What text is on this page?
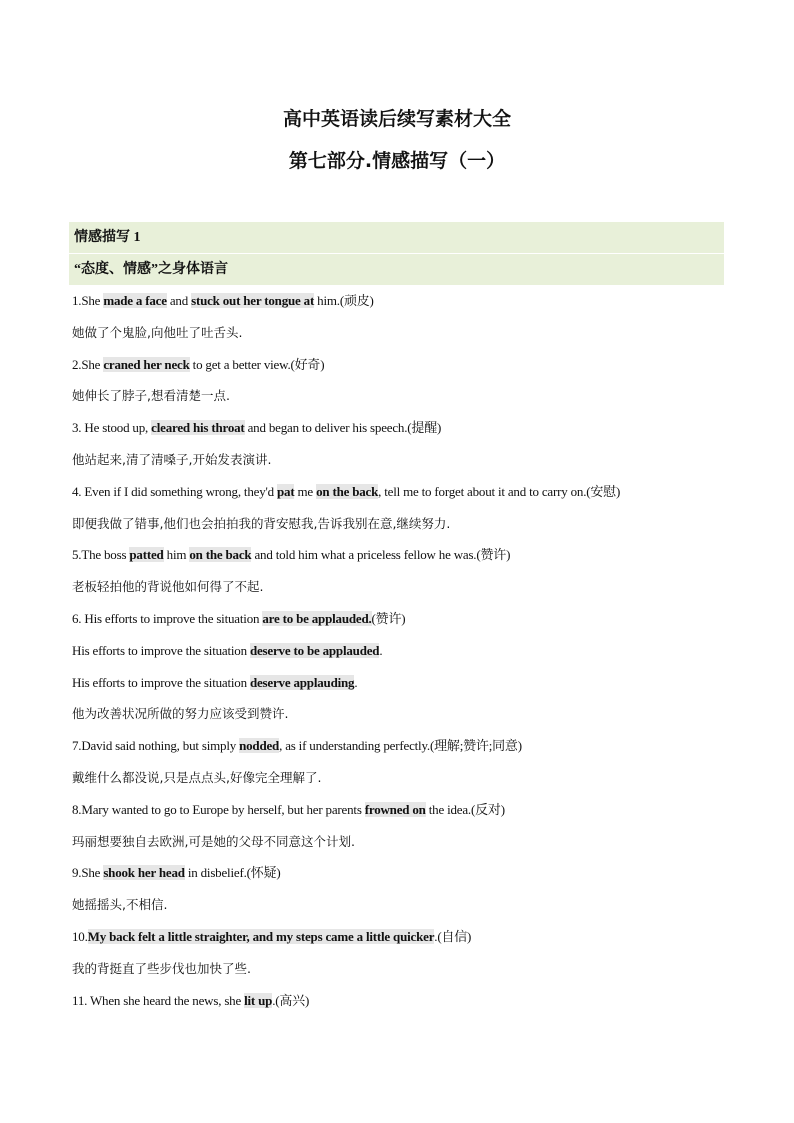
高中英语读后续写素材大全
第七部分.情感描写（一）
情感描写 1
“态度、情感”之身体语言
1.She made a face and stuck out her tongue at him.(顽皮)
她做了个鬼脸,向他吐了吐舌头.
2.She craned her neck to get a better view.(好奇)
她伸长了脖子,想看清楚一点.
3. He stood up, cleared his throat and began to deliver his speech.(提醒)
他站起来,清了清嗓子,开始发表演讲.
4. Even if I did something wrong, they'd pat me on the back, tell me to forget about it and to carry on.(安慰)
即便我做了错事,他们也会拍拍我的背安慰我,告诉我别在意,继续努力.
5.The boss patted him on the back and told him what a priceless fellow he was.(赞许)
老板轻拍他的背说他如何得了不起.
6. His efforts to improve the situation are to be applauded.(赞许)
His efforts to improve the situation deserve to be applauded.
His efforts to improve the situation deserve applauding.
他为改善状况所做的努力应该受到赞许.
7.David said nothing, but simply nodded, as if understanding perfectly.(理解;赞许;同意)
戴维什么都没说,只是点点头,好像完全理解了.
8.Mary wanted to go to Europe by herself, but her parents frowned on the idea.(反对)
玛丽想要独自去欧洲,可是她的父母不同意这个计划.
9.She shook her head in disbelief.(怀疑)
她摇摇头,不相信.
10.My back felt a little straighter, and my steps came a little quicker.(自信)
我的背挺直了些步伐也加快了些.
11. When she heard the news, she lit up.(高兴)
